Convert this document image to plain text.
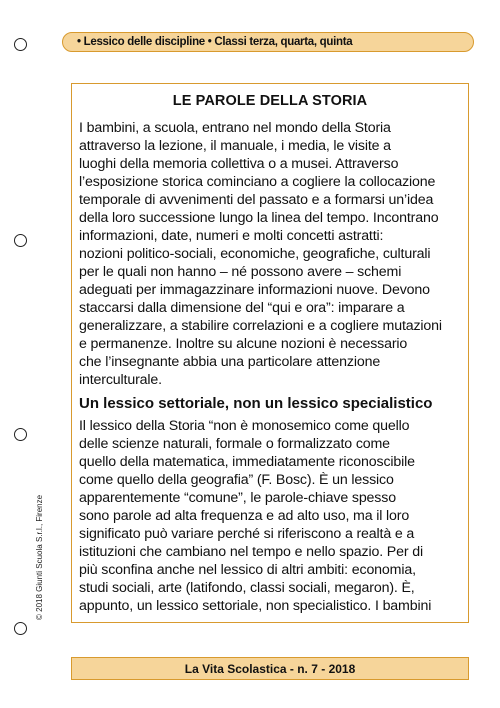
• Lessico delle discipline • Classi terza, quarta, quinta
© 2018 Giunti Scuola S.r.l., Firenze
LE PAROLE DELLA STORIA
I bambini, a scuola, entrano nel mondo della Storia
attraverso la lezione, il manuale, i media, le visite a
luoghi della memoria collettiva o a musei. Attraverso
l’esposizione storica cominciano a cogliere la collocazione
temporale di avvenimenti del passato e a formarsi un’idea
della loro successione lungo la linea del tempo. Incontrano
informazioni, date, numeri e molti concetti astratti:
nozioni politico-sociali, economiche, geografiche, culturali
per le quali non hanno – né possono avere – schemi
adeguati per immagazzinare informazioni nuove. Devono
staccarsi dalla dimensione del “qui e ora”: imparare a
generalizzare, a stabilire correlazioni e a cogliere mutazioni
e permanenze. Inoltre su alcune nozioni è necessario
che l’insegnante abbia una particolare attenzione
interculturale.
Un lessico settoriale, non un lessico specialistico
Il lessico della Storia “non è monosemico come quello
delle scienze naturali, formale o formalizzato come
quello della matematica, immediatamente riconoscibile
come quello della geografia” (F. Bosc). È un lessico
apparentemente “comune”, le parole-chiave spesso
sono parole ad alta frequenza e ad alto uso, ma il loro
significato può variare perché si riferiscono a realtà e a
istituzioni che cambiano nel tempo e nello spazio. Per di
più sconfina anche nel lessico di altri ambiti: economia,
studi sociali, arte (latifondo, classi sociali, megaron). È,
appunto, un lessico settoriale, non specialistico. I bambini
La Vita Scolastica - n. 7 - 2018
